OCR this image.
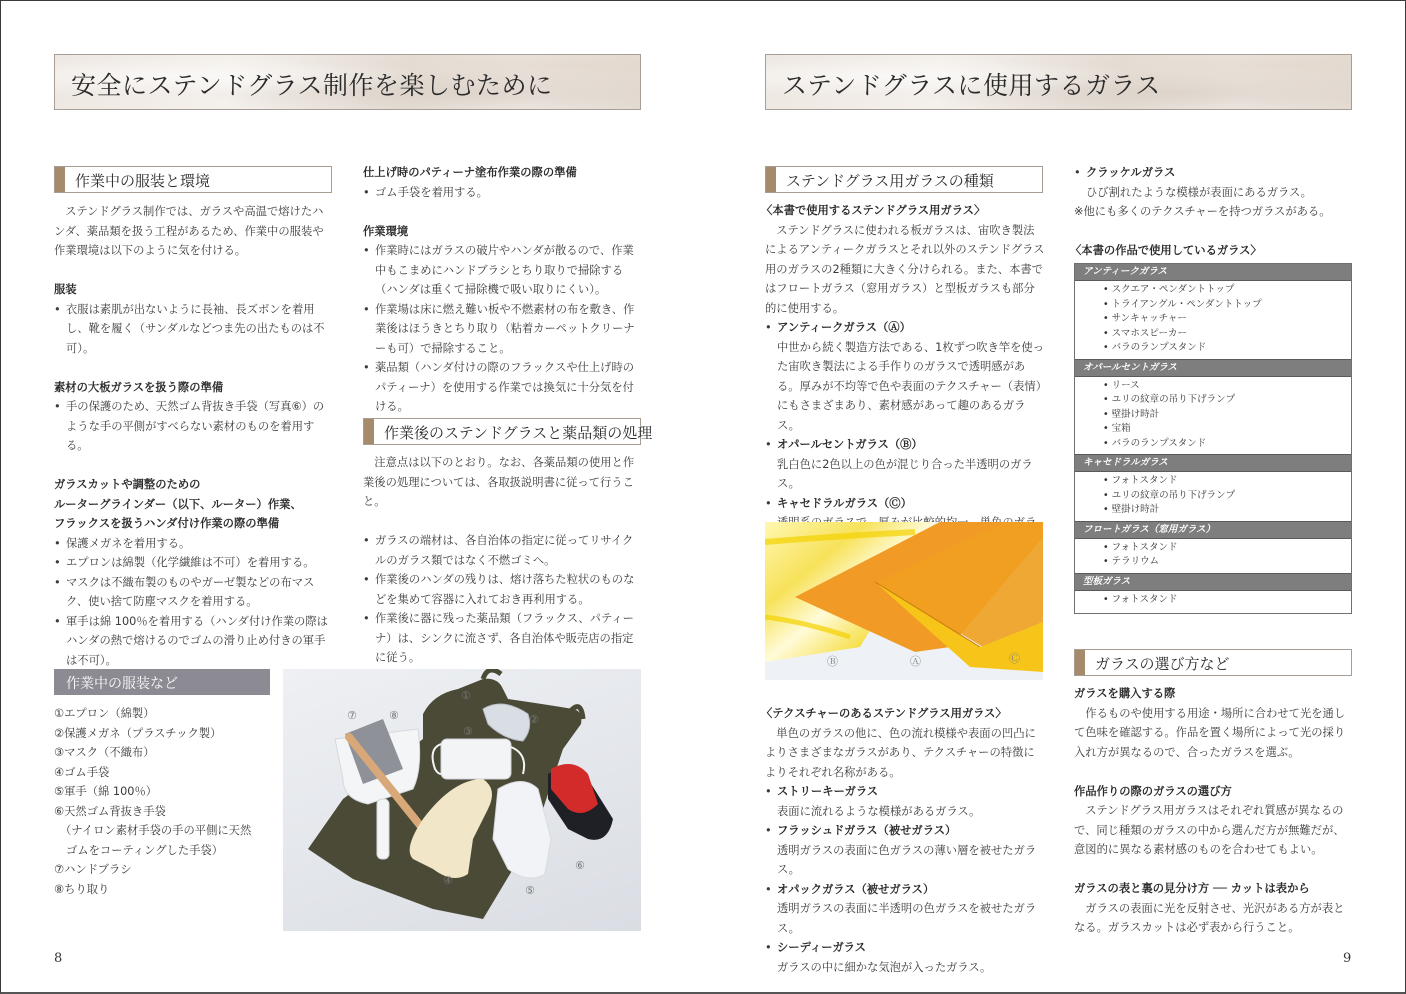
安全にステンドグラス制作を楽しむために
作業中の服装と環境

ステンドグラス制作では、ガラスや高温で熔けたハンダ、薬品類を扱う工程があるため、作業中の服装や作業環境は以下のように気を付ける。

服装

• 衣服は素肌が出ないように長袖、長ズボンを着用し、靴を履く（サンダルなどつま先の出たものは不可）。

素材の大板ガラスを扱う際の準備

• 手の保護のため、天然ゴム背抜き手袋（写真⑥）のような手の平側がすべらない素材のものを着用する。

ガラスカットや調整のための

ルーターグラインダー（以下、ルーター）作業、

フラックスを扱うハンダ付け作業の際の準備

• 保護メガネを着用する。
• エプロンは綿製（化学繊維は不可）を着用する。
• マスクは不織布製のものやガーゼ製などの布マスク、使い捨て防塵マスクを着用する。
• 軍手は綿 100％を着用する（ハンダ付け作業の際はハンダの熱で熔けるのでゴムの滑り止め付きの軍手は不可）。

仕上げ時のパティーナ塗布作業の際の準備

• ゴム手袋を着用する。

作業環境

• 作業時にはガラスの破片やハンダが散るので、作業中もこまめにハンドブラシとちり取りで掃除する（ハンダは重くて掃除機で吸い取りにくい）。
• 作業場は床に燃え難い板や不燃素材の布を敷き、作業後はほうきとちり取り（粘着カーペットクリーナーも可）で掃除すること。
• 薬品類（ハンダ付けの際のフラックスや仕上げ時のパティーナ）を使用する作業では換気に十分気を付ける。
作業後のステンドグラスと薬品類の処理

注意点は以下のとおり。なお、各薬品類の使用と作業後の処理については、各取扱説明書に従って行うこと。

• ガラスの端材は、各自治体の指定に従ってリサイクルのガラス類ではなく不燃ゴミへ。
• 作業後のハンダの残りは、熔け落ちた粒状のものなどを集めて容器に入れておき再利用する。
• 作業後に器に残った薬品類（フラックス、パティーナ）は、シンクに流さず、各自治体や販売店の指定に従う。
作業中の服装など
①エプロン（綿製）
②保護メガネ（プラスチック製）
③マスク（不織布）
④ゴム手袋
⑤軍手（綿 100％）
⑥天然ゴム背抜き手袋
（ナイロン素材手袋の手の平側に天然
ゴムをコーティングした手袋）
⑦ハンドブラシ
⑧ちり取り
①
②
③
④
⑤
⑥
⑦	⑧
8
ステンドグラスに使用するガラス
ステンドグラス用ガラスの種類

〈本書で使用するステンドグラス用ガラス〉

ステンドグラスに使われる板ガラスは、宙吹き製法によるアンティークガラスとそれ以外のステンドグラス用のガラスの2種類に大きく分けられる。また、本書ではフロートガラス（窓用ガラス）と型板ガラスも部分的に使用する。

• アンティークガラス（Ⓐ）
中世から続く製造方法である、1枚ずつ吹き竿を使った宙吹き製法による手作りのガラスで透明感がある。厚みが不均等で色や表面のテクスチャー（表情）にもさまざまあり、素材感があって趣のあるガラス。
• オパールセントガラス（Ⓑ）
乳白色に2色以上の色が混じり合った半透明のガラス。
• キャセドラルガラス（Ⓒ）

Ⓑ	Ⓐ	Ⓒ

〈テクスチャーのあるステンドグラス用ガラス〉

単色のガラスの他に、色の流れ模様や表面の凹凸によりさまざまなガラスがあり、テクスチャーの特徴によりそれぞれ名称がある。

• ストリーキーガラス
表面に流れるような模様があるガラス。
• フラッシュドガラス（被せガラス）
透明ガラスの表面に色ガラスの薄い層を被せたガラス。
• オパックガラス（被せガラス）
透明ガラスの表面に半透明の色ガラスを被せたガラス。
• シーディーガラス
ガラスの中に細かな気泡が入ったガラス。
• クラッケルガラス
ひび割れたような模様が表面にあるガラス。

※他にも多くのテクスチャーを持つガラスがある。

〈本書の作品で使用しているガラス〉

アンティークガラス
• スクエア・ペンダントトップ
• トライアングル・ペンダントトップ
• サンキャッチャー
• スマホスピーカー
• バラのランプスタンド
オパールセントガラス
• リース
• ユリの紋章の吊り下げランプ
• 壁掛け時計
• 宝箱
• バラのランプスタンド
キャセドラルガラス
• フォトスタンド
• ユリの紋章の吊り下げランプ
• 壁掛け時計
フロートガラス（窓用ガラス）
• フォトスタンド
• テラリウム
型板ガラス
• フォトスタンド
ガラスの選び方など

ガラスを購入する際

作るものや使用する用途・場所に合わせて光を通して色味を確認する。作品を置く場所によって光の採り入れ方が異なるので、合ったガラスを選ぶ。

作品作りの際のガラスの選び方

ステンドグラス用ガラスはそれぞれ質感が異なるので、同じ種類のガラスの中から選んだ方が無難だが、意図的に異なる素材感のものを合わせてもよい。

ガラスの表と裏の見分け方 ── カットは表から

ガラスの表面に光を反射させ、光沢がある方が表となる。ガラスカットは必ず表から行うこと。

9
